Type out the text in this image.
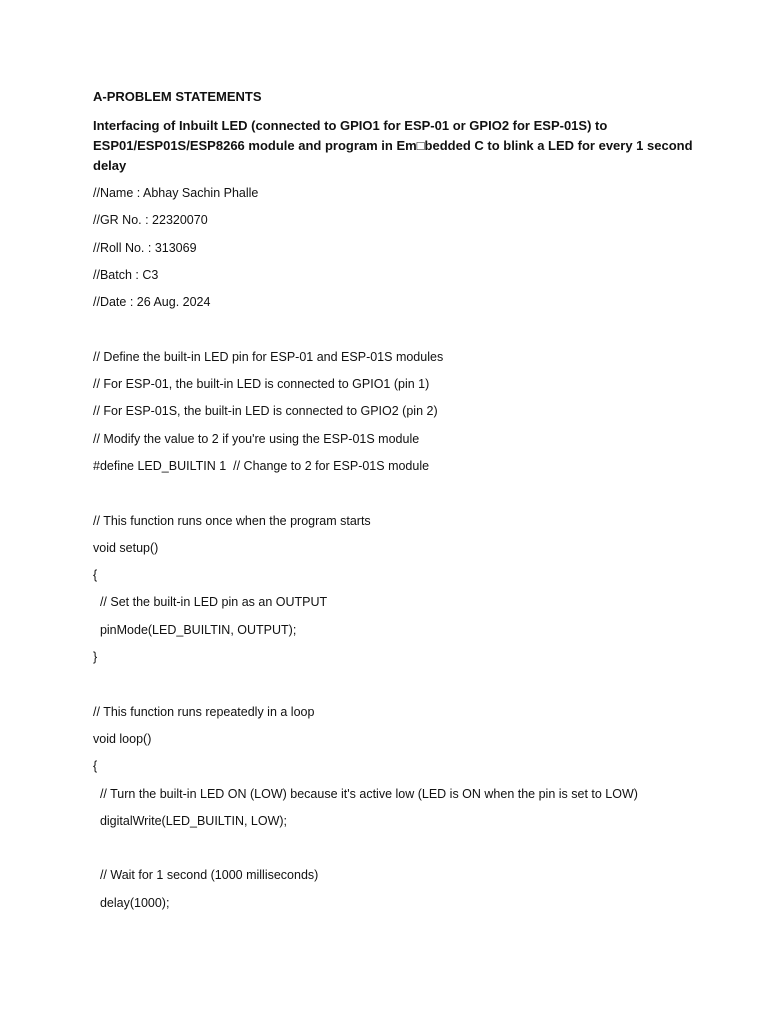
A-PROBLEM STATEMENTS
Interfacing of Inbuilt LED (connected to GPIO1 for ESP-01 or GPIO2 for ESP-01S) to ESP01/ESP01S/ESP8266 module and program in Em□bedded C to blink a LED for every 1 second delay
//Name : Abhay Sachin Phalle
//GR No. : 22320070
//Roll No. : 313069
//Batch : C3
//Date : 26 Aug. 2024
// Define the built-in LED pin for ESP-01 and ESP-01S modules
// For ESP-01, the built-in LED is connected to GPIO1 (pin 1)
// For ESP-01S, the built-in LED is connected to GPIO2 (pin 2)
// Modify the value to 2 if you're using the ESP-01S module
#define LED_BUILTIN 1  // Change to 2 for ESP-01S module
// This function runs once when the program starts
void setup()
{
// Set the built-in LED pin as an OUTPUT
pinMode(LED_BUILTIN, OUTPUT);
}
// This function runs repeatedly in a loop
void loop()
{
// Turn the built-in LED ON (LOW) because it's active low (LED is ON when the pin is set to LOW)
digitalWrite(LED_BUILTIN, LOW);
// Wait for 1 second (1000 milliseconds)
delay(1000);
